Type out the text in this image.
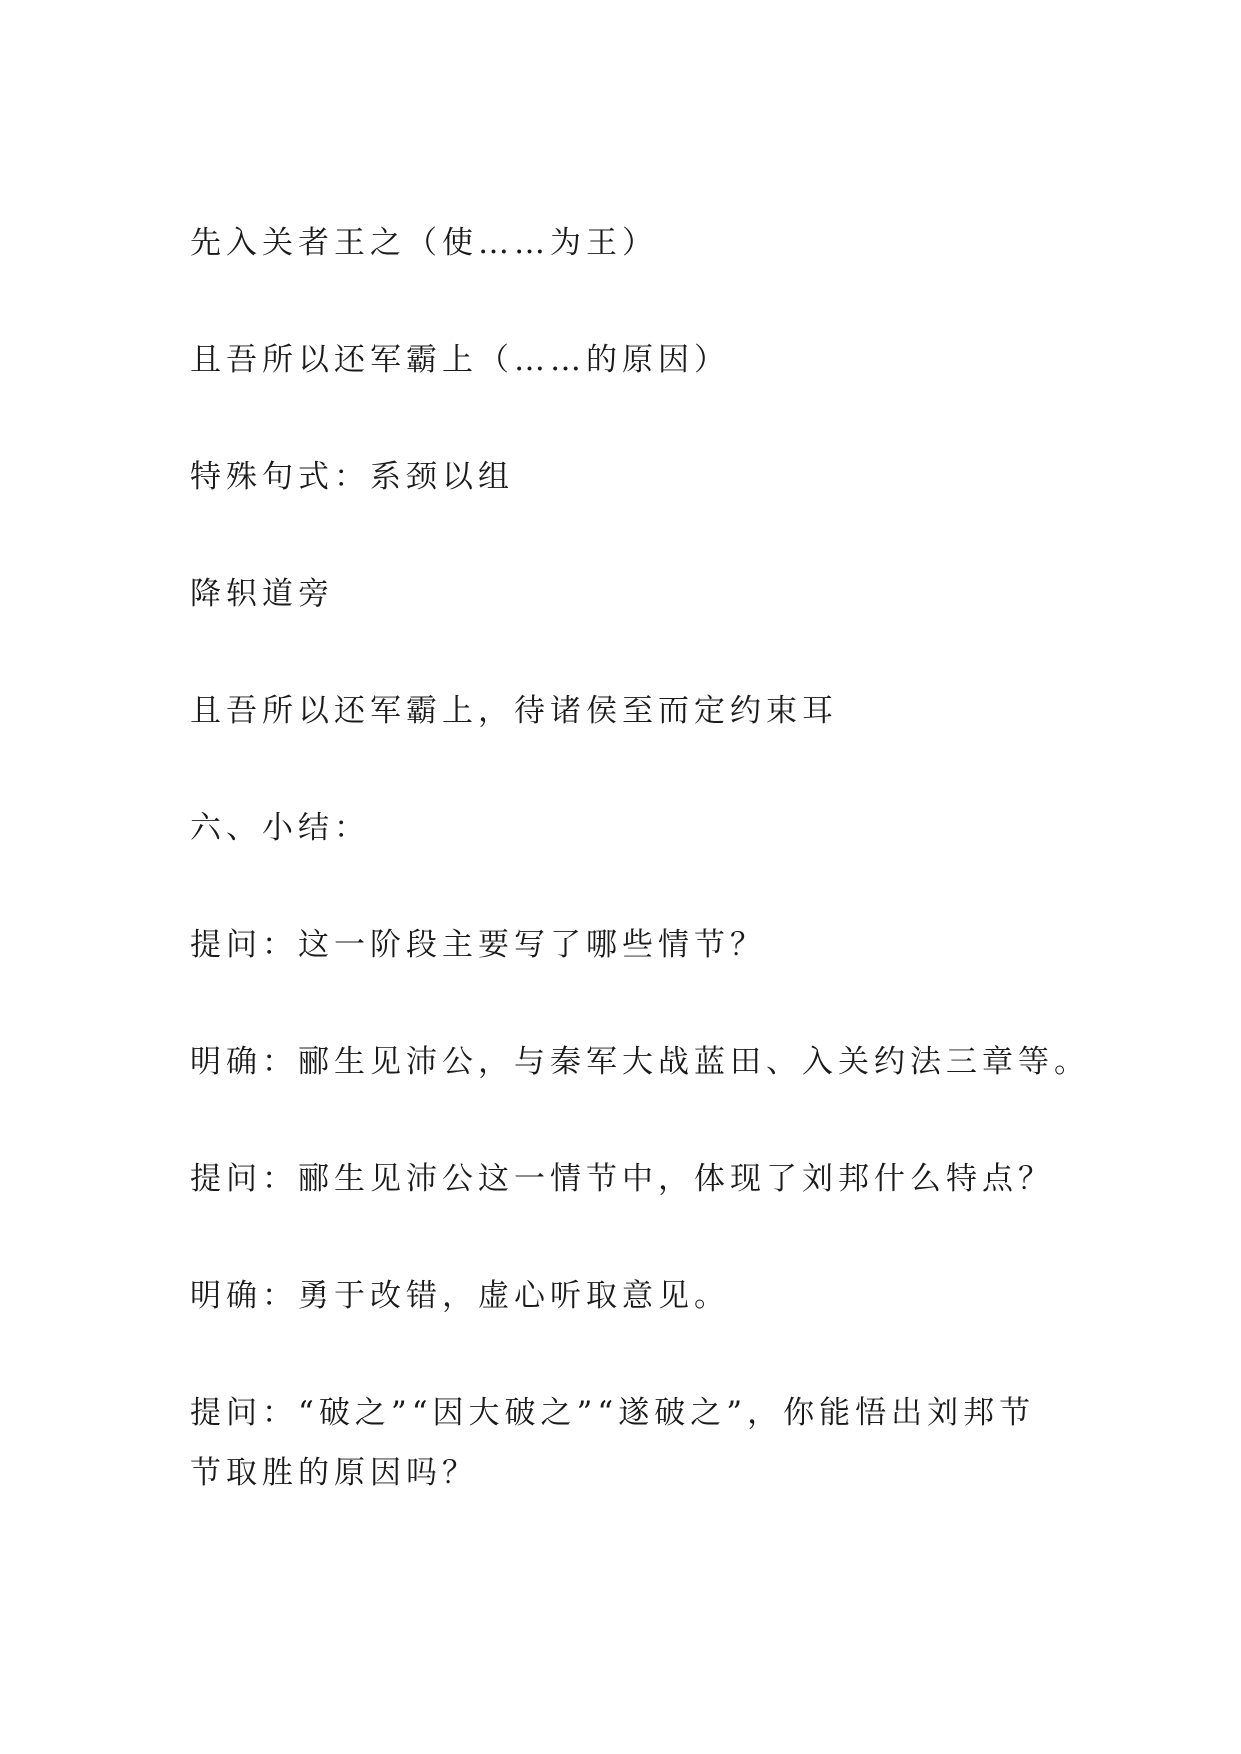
先入关者王之（使……为王）
且吾所以还军霸上（……的原因）
特殊句式：系颈以组
降轵道旁
且吾所以还军霸上，待诸侯至而定约束耳
六、小结：
提问：这一阶段主要写了哪些情节？
明确：郦生见沛公，与秦军大战蓝田、入关约法三章等。
提问：郦生见沛公这一情节中，体现了刘邦什么特点？
明确：勇于改错，虚心听取意见。
提问：“破之”“因大破之”“遂破之”，你能悟出刘邦节节取胜的原因吗？
